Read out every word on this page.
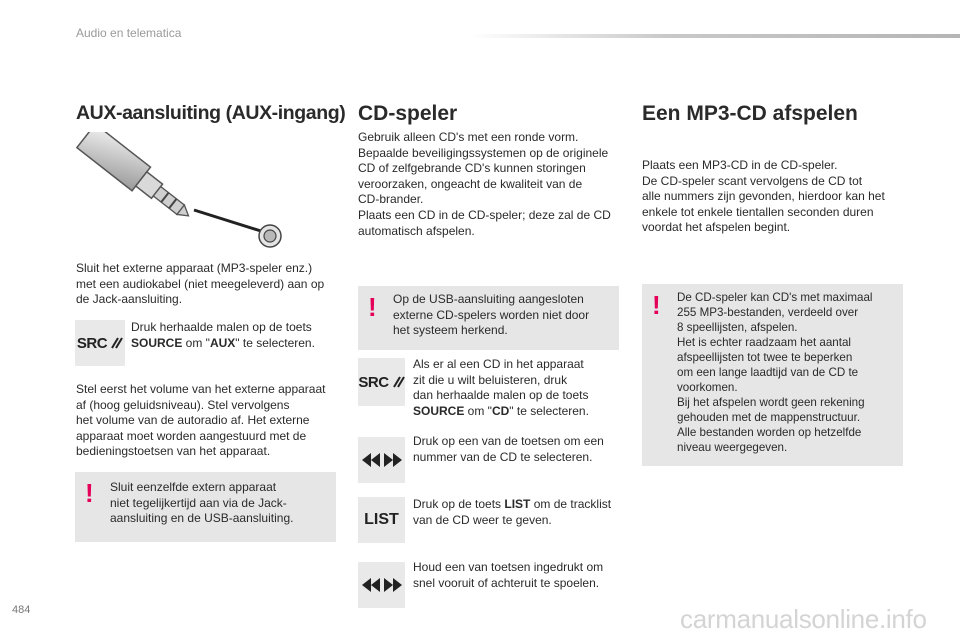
Audio en telematica
AUX-aansluiting (AUX-ingang)
Sluit het externe apparaat (MP3-speler enz.)
met een audiokabel (niet meegeleverd) aan op
de Jack-aansluiting.
SRC
Druk herhaalde malen op de toets
SOURCE om "AUX" te selecteren.
Stel eerst het volume van het externe apparaat
af (hoog geluidsniveau). Stel vervolgens
het volume van de autoradio af. Het externe
apparaat moet worden aangestuurd met de
bedieningstoetsen van het apparaat.
! Sluit eenzelfde extern apparaat
niet tegelijkertijd aan via de Jack-
aansluiting en de USB-aansluiting.
CD-speler
Gebruik alleen CD's met een ronde vorm.
Bepaalde beveiligingssystemen op de originele
CD of zelfgebrande CD's kunnen storingen
veroorzaken, ongeacht de kwaliteit van de
CD-brander.
Plaats een CD in de CD-speler; deze zal de CD
automatisch afspelen.
! Op de USB-aansluiting aangesloten
externe CD-spelers worden niet door
het systeem herkend.
SRC
Als er al een CD in het apparaat
zit die u wilt beluisteren, druk
dan herhaalde malen op de toets
SOURCE om "CD" te selecteren.
Druk op een van de toetsen om een
nummer van de CD te selecteren.
LIST
Druk op de toets LIST om de tracklist
van de CD weer te geven.
Houd een van toetsen ingedrukt om
snel vooruit of achteruit te spoelen.
Een MP3-CD afspelen
Plaats een MP3-CD in de CD-speler.
De CD-speler scant vervolgens de CD tot
alle nummers zijn gevonden, hierdoor kan het
enkele tot enkele tientallen seconden duren
voordat het afspelen begint.
! De CD-speler kan CD's met maximaal
255 MP3-bestanden, verdeeld over
8 speellijsten, afspelen.
Het is echter raadzaam het aantal
afspeellijsten tot twee te beperken
om een lange laadtijd van de CD te
voorkomen.
Bij het afspelen wordt geen rekening
gehouden met de mappenstructuur.
Alle bestanden worden op hetzelfde
niveau weergegeven.
484	carmanualsonline.info
